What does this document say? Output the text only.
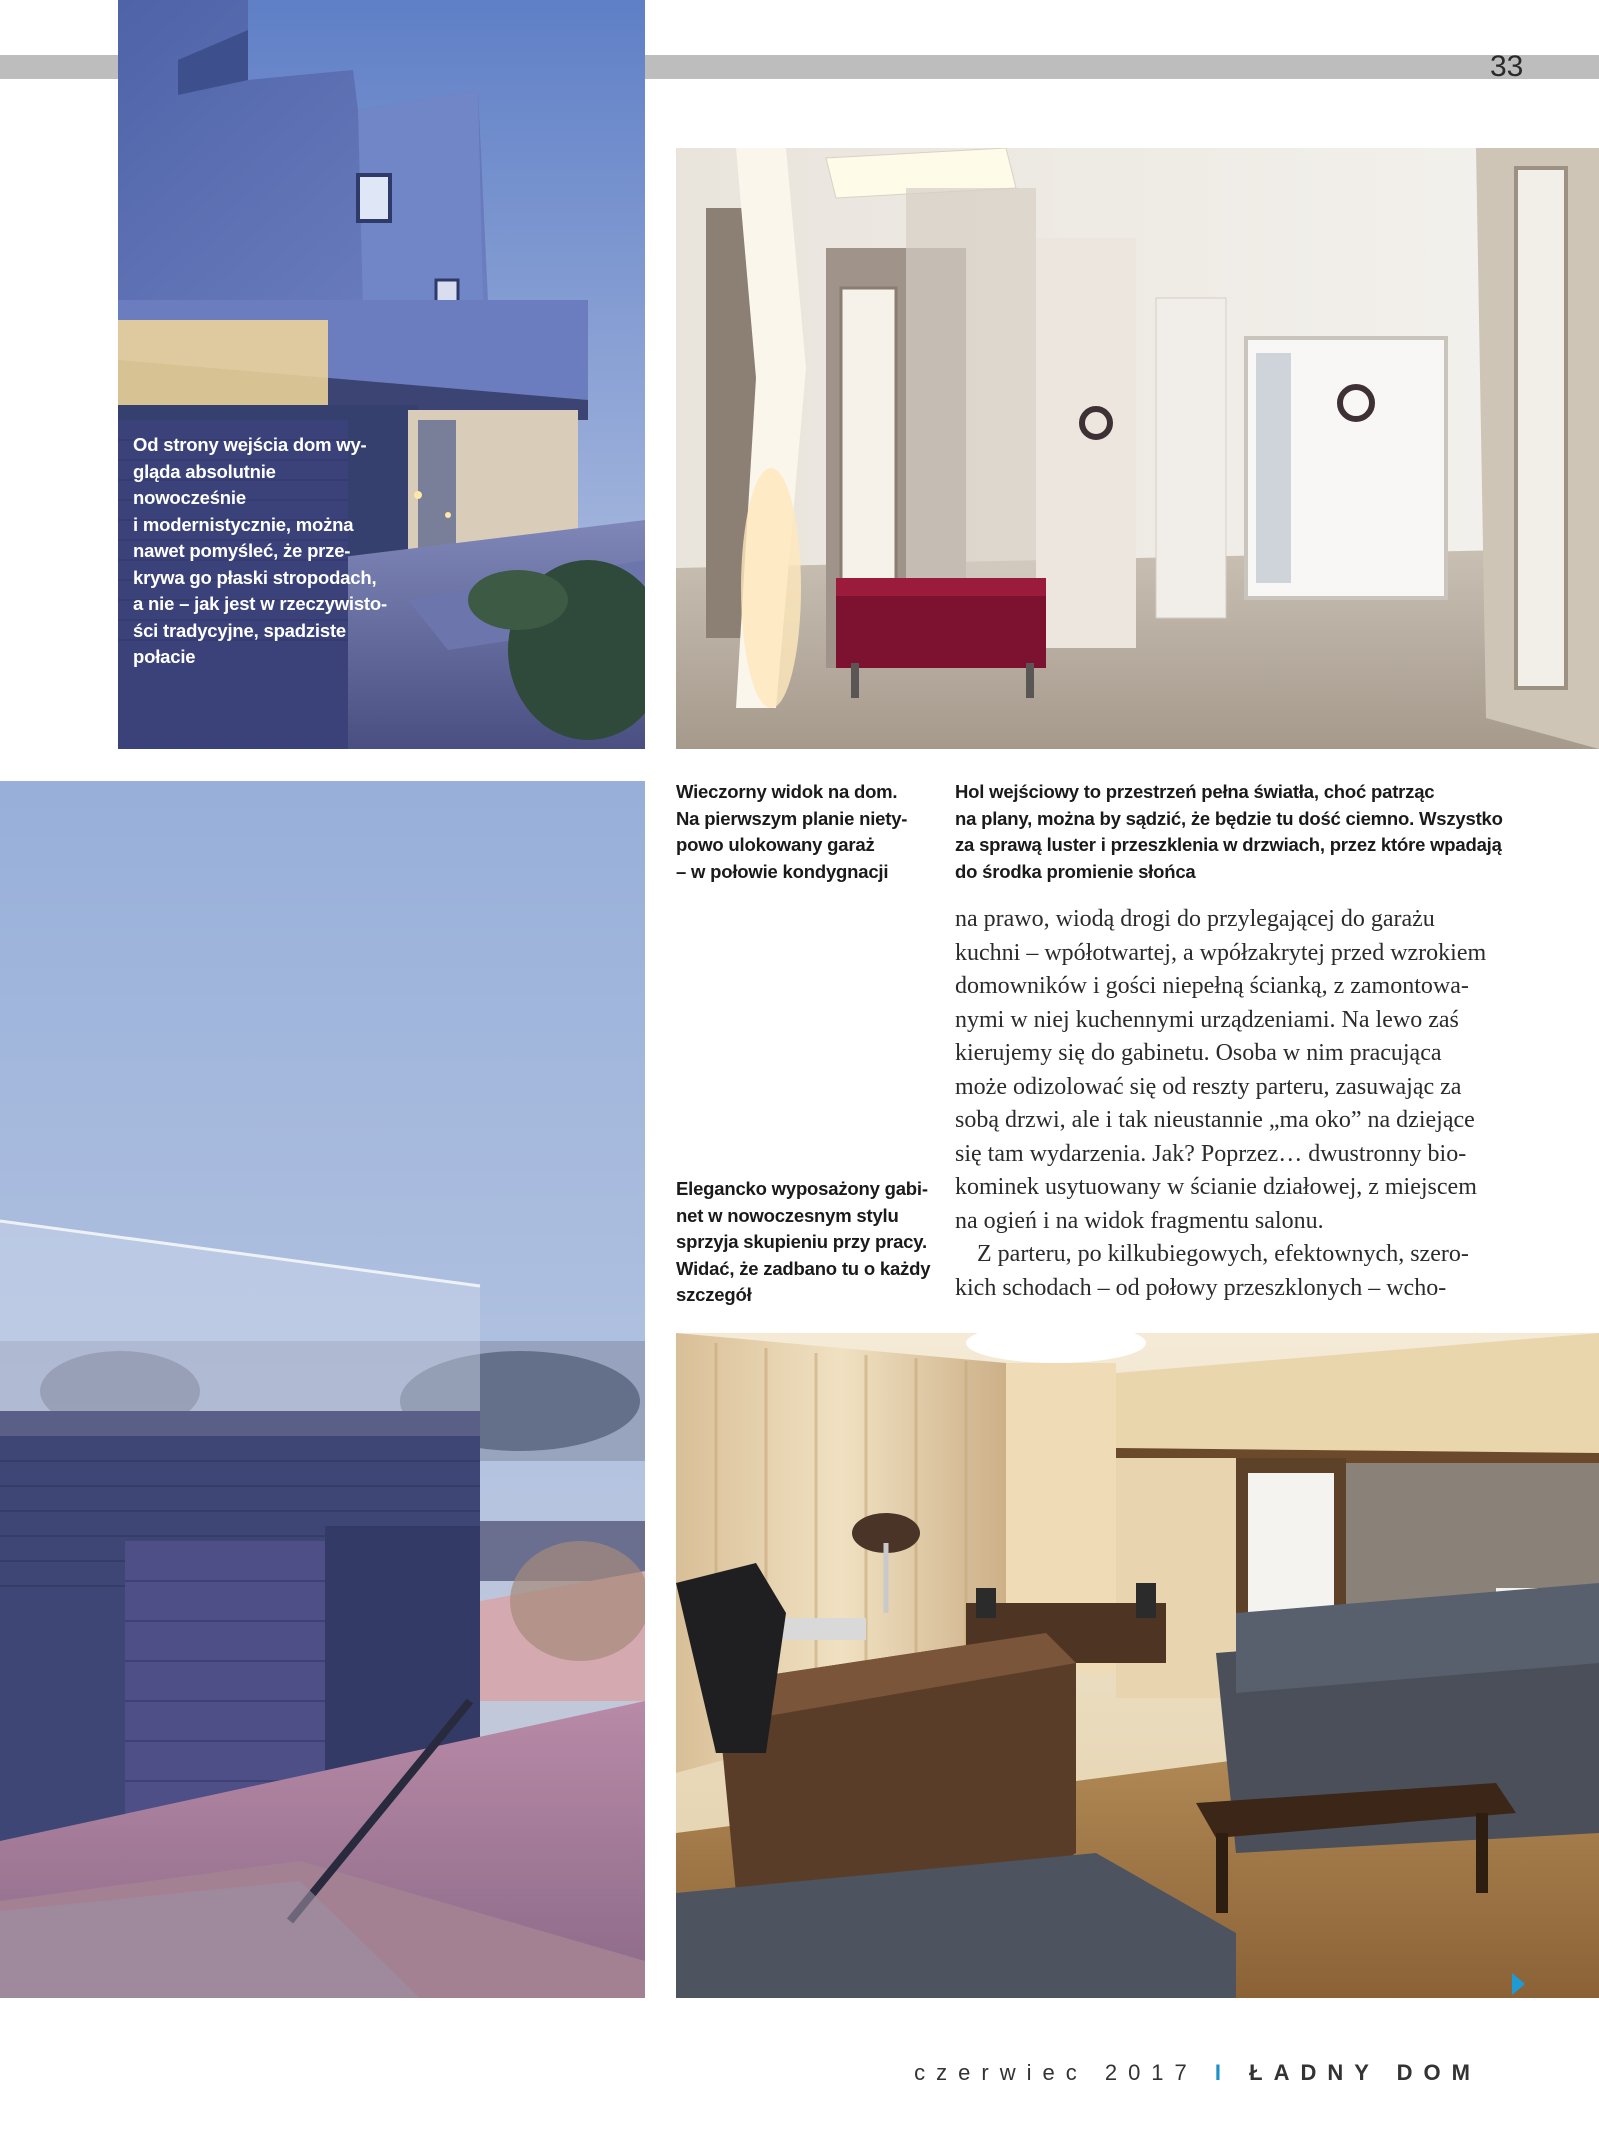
33
Od strony wejścia dom wy-
gląda absolutnie nowocześnie
i modernistycznie, można
nawet pomyśleć, że przе-
krywa go płaski stropodach,
a nie – jak jest w rzeczywisto-
ści tradycyjne, spadziste
połacie
Wieczorny widok na dom.
Na pierwszym planie niety-
powo ulokowany garaż
– w połowie kondygnacji
Hol wejściowy to przestrzeń pełna światła, choć patrząc
na plany, można by sądzić, że będzie tu dość ciemno. Wszystko
za sprawą luster i przeszklenia w drzwiach, przez które wpadają
do środka promienie słońca
Elegancko wyposażony gabi-
net w nowoczesnym stylu
sprzyja skupieniu przy pracy.
Widać, że zadbano tu o każdy
szczegół

na prawo, wiodą drogi do przylegającej do garażu

kuchni – wpółotwartej, a wpółzakrytej przed wzrokiem

domowników i gości niepełną ścianką, z zamontowa-

nymi w niej kuchennymi urządzeniami. Na lewo zaś

kierujemy się do gabinetu. Osoba w nim pracująca

może odizolować się od reszty parteru, zasuwając za

sobą drzwi, ale i tak nieustannie „ma oko” na dziejące

się tam wydarzenia. Jak? Poprzez… dwustronny bio-

kominek usytuowany w ścianie działowej, z miejscem

na ogień i na widok fragmentu salonu.

Z parteru, po kilkubiegowych, efektownych, szero-

kich schodach – od połowy przeszklonych – wcho-

czerwiec 2017 I ŁADNY DOM
